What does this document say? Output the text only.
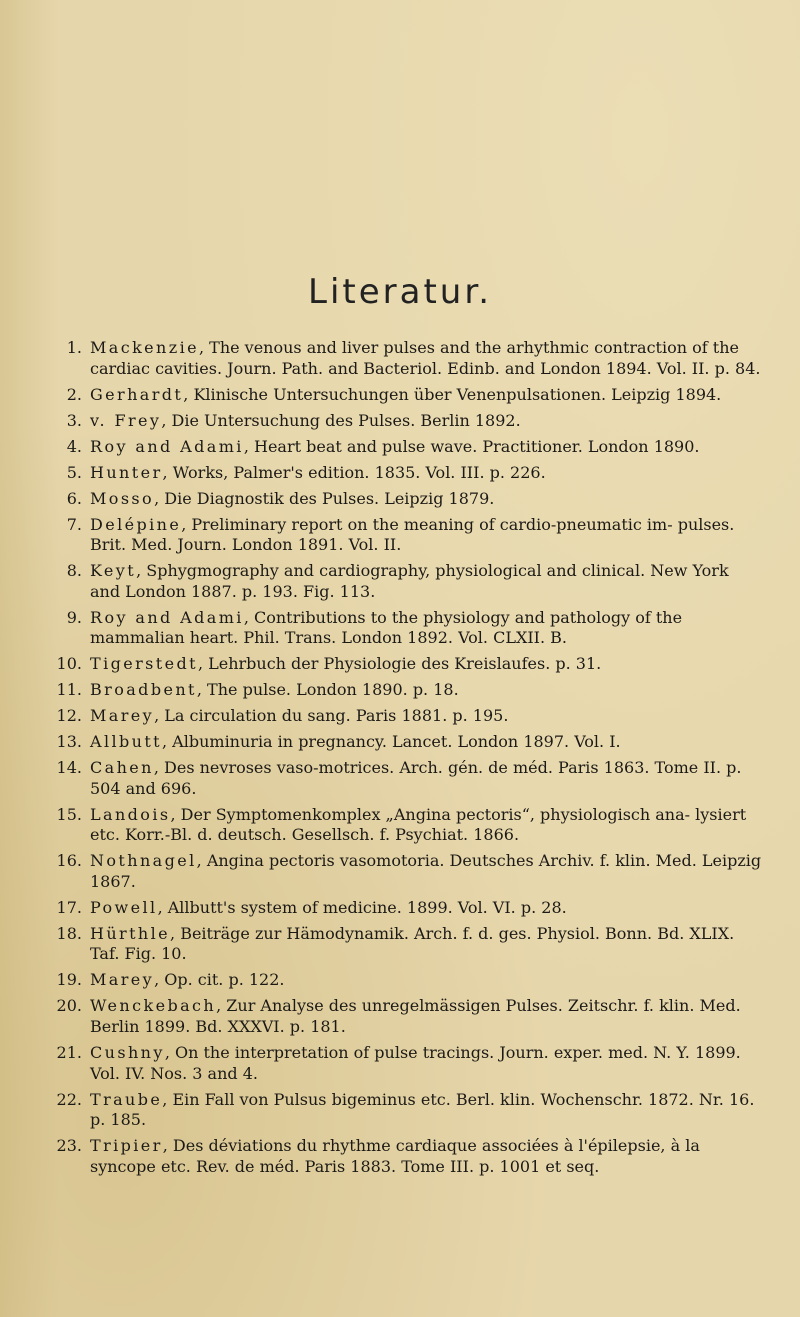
Literatur.
1. Mackenzie, The venous and liver pulses and the arhythmic contraction of the cardiac cavities. Journ. Path. and Bacteriol. Edinb. and London 1894. Vol. II. p. 84.
2. Gerhardt, Klinische Untersuchungen über Venenpulsationen. Leipzig 1894.
3. v. Frey, Die Untersuchung des Pulses. Berlin 1892.
4. Roy and Adami, Heart beat and pulse wave. Practitioner. London 1890.
5. Hunter, Works, Palmer's edition. 1835. Vol. III. p. 226.
6. Mosso, Die Diagnostik des Pulses. Leipzig 1879.
7. Delépine, Preliminary report on the meaning of cardio-pneumatic im- pulses. Brit. Med. Journ. London 1891. Vol. II.
8. Keyt, Sphygmography and cardiography, physiological and clinical. New York and London 1887. p. 193. Fig. 113.
9. Roy and Adami, Contributions to the physiology and pathology of the mammalian heart. Phil. Trans. London 1892. Vol. CLXII. B.
10. Tigerstedt, Lehrbuch der Physiologie des Kreislaufes. p. 31.
11. Broadbent, The pulse. London 1890. p. 18.
12. Marey, La circulation du sang. Paris 1881. p. 195.
13. Allbutt, Albuminuria in pregnancy. Lancet. London 1897. Vol. I.
14. Cahen, Des nevroses vaso-motrices. Arch. gén. de méd. Paris 1863. Tome II. p. 504 and 696.
15. Landois, Der Symptomenkomplex „Angina pectoris“, physiologisch ana- lysiert etc. Korr.-Bl. d. deutsch. Gesellsch. f. Psychiat. 1866.
16. Nothnagel, Angina pectoris vasomotoria. Deutsches Archiv. f. klin. Med. Leipzig 1867.
17. Powell, Allbutt's system of medicine. 1899. Vol. VI. p. 28.
18. Hürthle, Beiträge zur Hämodynamik. Arch. f. d. ges. Physiol. Bonn. Bd. XLIX. Taf. Fig. 10.
19. Marey, Op. cit. p. 122.
20. Wenckebach, Zur Analyse des unregelmässigen Pulses. Zeitschr. f. klin. Med. Berlin 1899. Bd. XXXVI. p. 181.
21. Cushny, On the interpretation of pulse tracings. Journ. exper. med. N. Y. 1899. Vol. IV. Nos. 3 and 4.
22. Traube, Ein Fall von Pulsus bigeminus etc. Berl. klin. Wochenschr. 1872. Nr. 16. p. 185.
23. Tripier, Des déviations du rhythme cardiaque associées à l'épilepsie, à la syncope etc. Rev. de méd. Paris 1883. Tome III. p. 1001 et seq.
